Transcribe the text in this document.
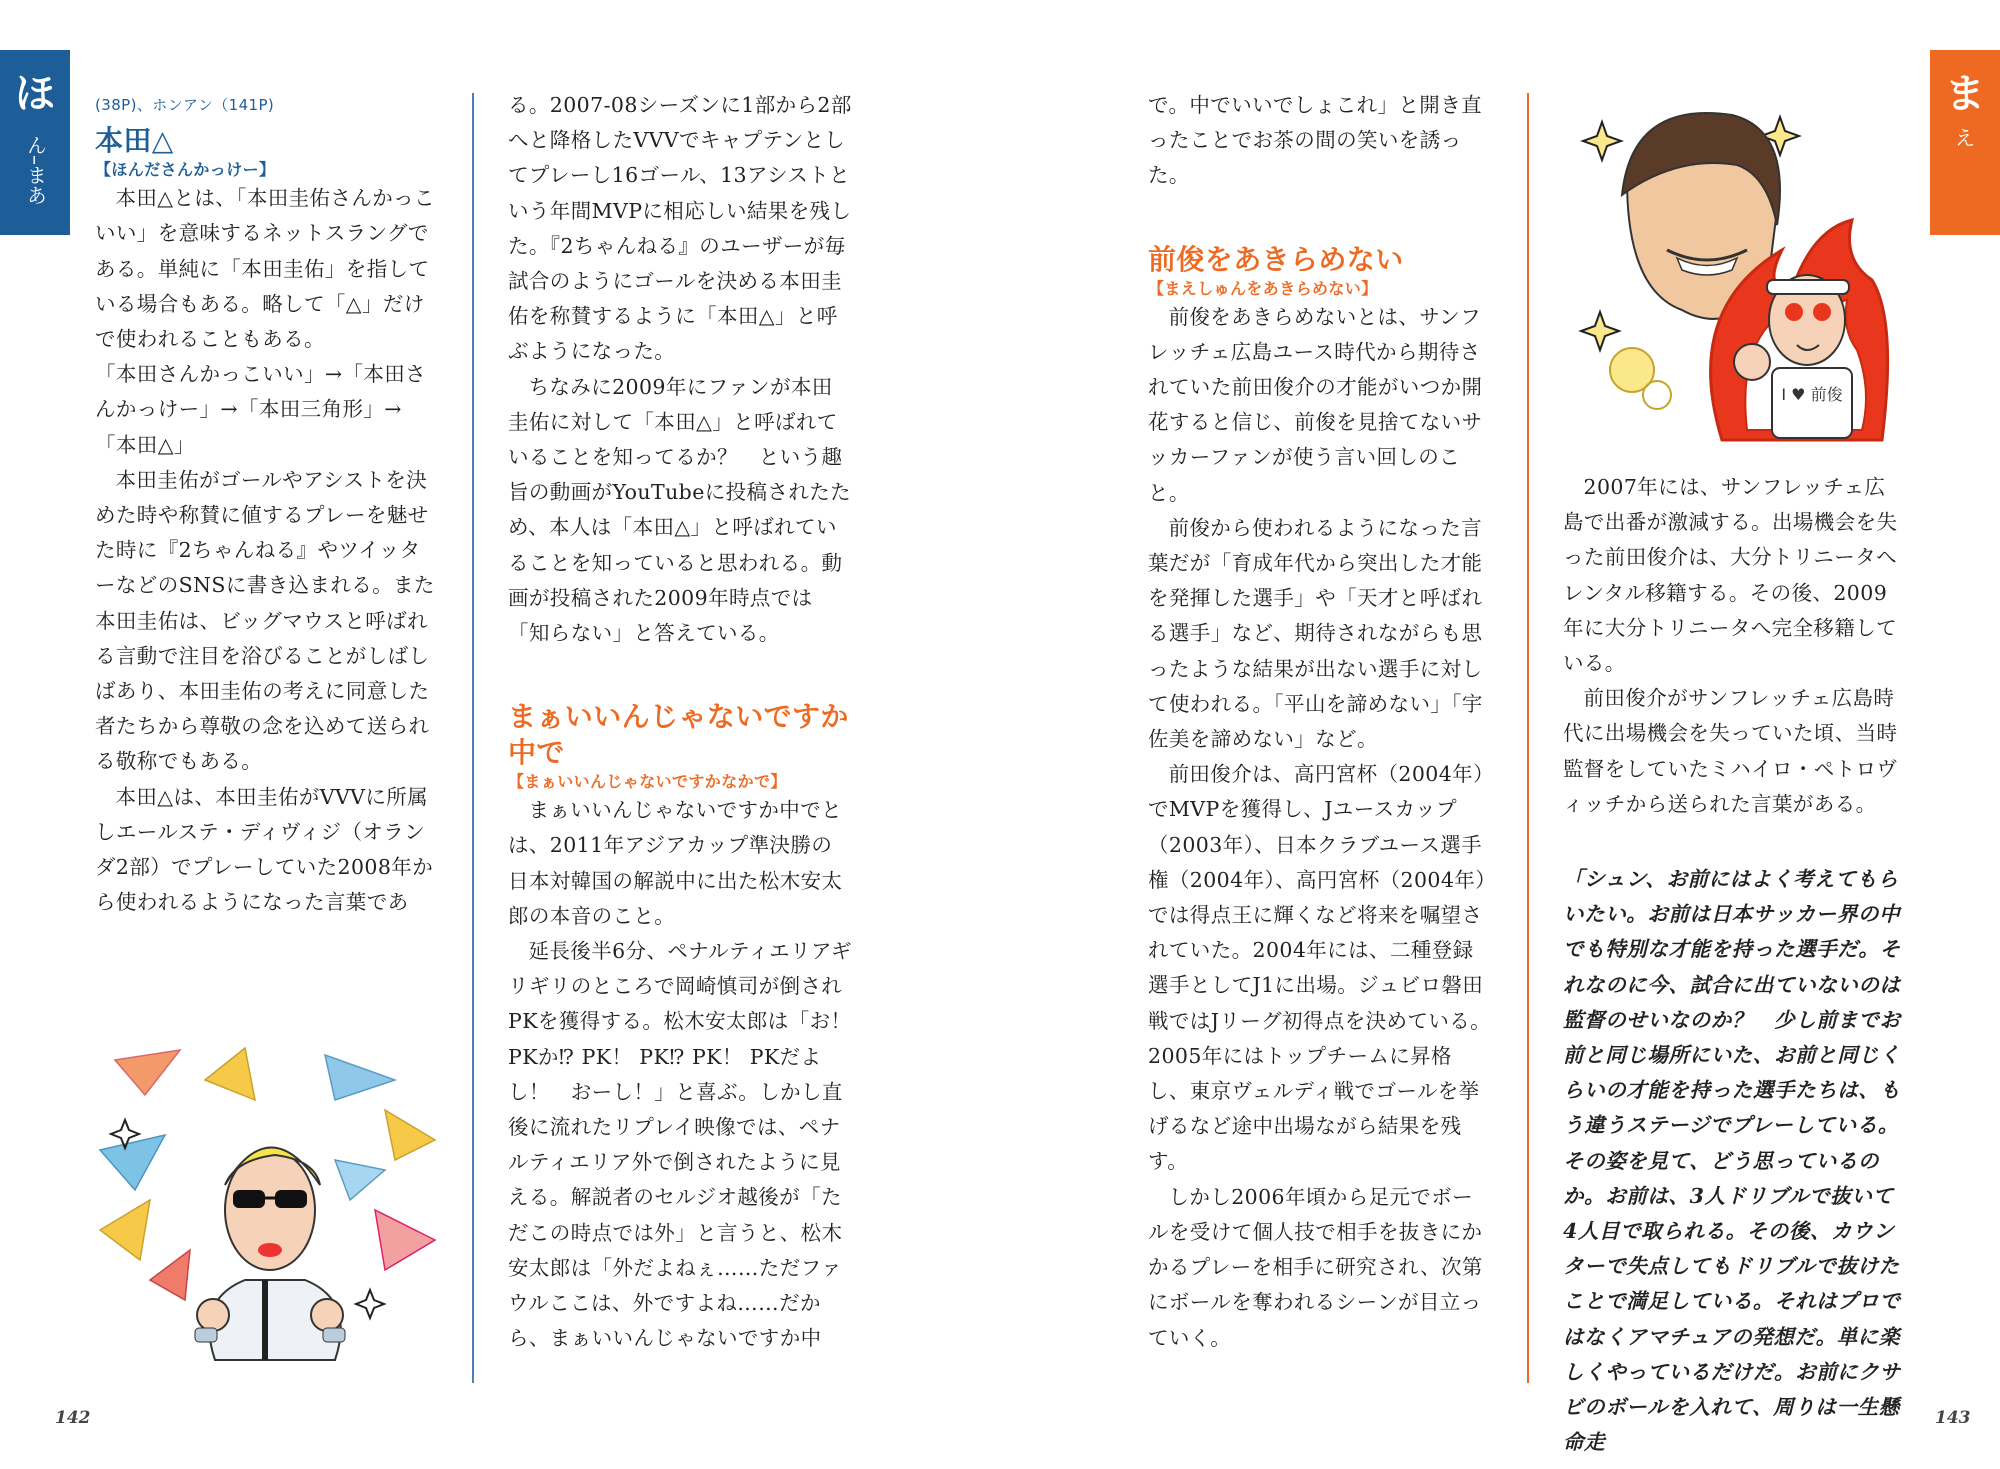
ほ
ん–まあ

(38P)、ホンアン（141P)

本田△

【ほんださんかっけー】

本田△とは、「本田圭佑さんかっこいい」を意味するネットスラングである。単純に「本田圭佑」を指している場合もある。略して「△」だけで使われることもある。

「本田さんかっこいい」→「本田さんかっけー」→「本田三角形」→「本田△」

本田圭佑がゴールやアシストを決めた時や称賛に値するプレーを魅せた時に『2ちゃんねる』やツイッターなどのSNSに書き込まれる。また本田圭佑は、ビッグマウスと呼ばれる言動で注目を浴びることがしばしばあり、本田圭佑の考えに同意した者たちから尊敬の念を込めて送られる敬称でもある。

本田△は、本田圭佑がVVVに所属しエールステ・ディヴィジ（オランダ2部）でプレーしていた2008年から使われるようになった言葉であ

る。2007-08シーズンに1部から2部へと降格したVVVでキャプテンとしてプレーし16ゴール、13アシストという年間MVPに相応しい結果を残した。『2ちゃんねる』のユーザーが毎試合のようにゴールを決める本田圭佑を称賛するように「本田△」と呼ぶようになった。

ちなみに2009年にファンが本田圭佑に対して「本田△」と呼ばれていることを知ってるか？　という趣旨の動画がYouTubeに投稿されたため、本人は「本田△」と呼ばれていることを知っていると思われる。動画が投稿された2009年時点では「知らない」と答えている。

まぁいいんじゃないですか中で

【まぁいいんじゃないですかなかで】

まぁいいんじゃないですか中でとは、2011年アジアカップ準決勝の日本対韓国の解説中に出た松木安太郎の本音のこと。

延長後半6分、ペナルティエリアギリギリのところで岡崎慎司が倒されPKを獲得する。松木安太郎は「お！ PKか⁉ PK！ PK⁉ PK！ PKだよし！　おーし！」と喜ぶ。しかし直後に流れたリプレイ映像では、ペナルティエリア外で倒されたように見える。解説者のセルジオ越後が「ただこの時点では外」と言うと、松木安太郎は「外だよねぇ……ただファウルここは、外ですよね……だから、まぁいいんじゃないですか中

142
ま
え

で。中でいいでしょこれ」と開き直ったことでお茶の間の笑いを誘った。

前俊をあきらめない

【まえしゅんをあきらめない】

前俊をあきらめないとは、サンフレッチェ広島ユース時代から期待されていた前田俊介の才能がいつか開花すると信じ、前俊を見捨てないサッカーファンが使う言い回しのこと。

前俊から使われるようになった言葉だが「育成年代から突出した才能を発揮した選手」や「天才と呼ばれる選手」など、期待されながらも思ったような結果が出ない選手に対して使われる。「平山を諦めない」「宇佐美を諦めない」など。

前田俊介は、高円宮杯（2004年）でMVPを獲得し、Jユースカップ（2003年）、日本クラブユース選手権（2004年）、高円宮杯（2004年）では得点王に輝くなど将来を嘱望されていた。2004年には、二種登録選手としてJ1に出場。ジュビロ磐田戦ではJリーグ初得点を決めている。2005年にはトップチームに昇格し、東京ヴェルディ戦でゴールを挙げるなど途中出場ながら結果を残す。

しかし2006年頃から足元でボールを受けて個人技で相手を抜きにかかるプレーを相手に研究され、次第にボールを奪われるシーンが目立っていく。

I ♥ 前俊

2007年には、サンフレッチェ広島で出番が激減する。出場機会を失った前田俊介は、大分トリニータへレンタル移籍する。その後、2009年に大分トリニータへ完全移籍している。

前田俊介がサンフレッチェ広島時代に出場機会を失っていた頃、当時監督をしていたミハイロ・ペトロヴィッチから送られた言葉がある。

「シュン、お前にはよく考えてもらいたい。お前は日本サッカー界の中でも特別な才能を持った選手だ。それなのに今、試合に出ていないのは監督のせいなのか？　少し前までお前と同じ場所にいた、お前と同じくらいの才能を持った選手たちは、もう違うステージでプレーしている。その姿を見て、どう思っているのか。お前は、3人ドリブルで抜いて4人目で取られる。その後、カウンターで失点してもドリブルで抜けたことで満足している。それはプロではなくアマチュアの発想だ。単に楽しくやっているだけだ。お前にクサビのボールを入れて、周りは一生懸命走

143
